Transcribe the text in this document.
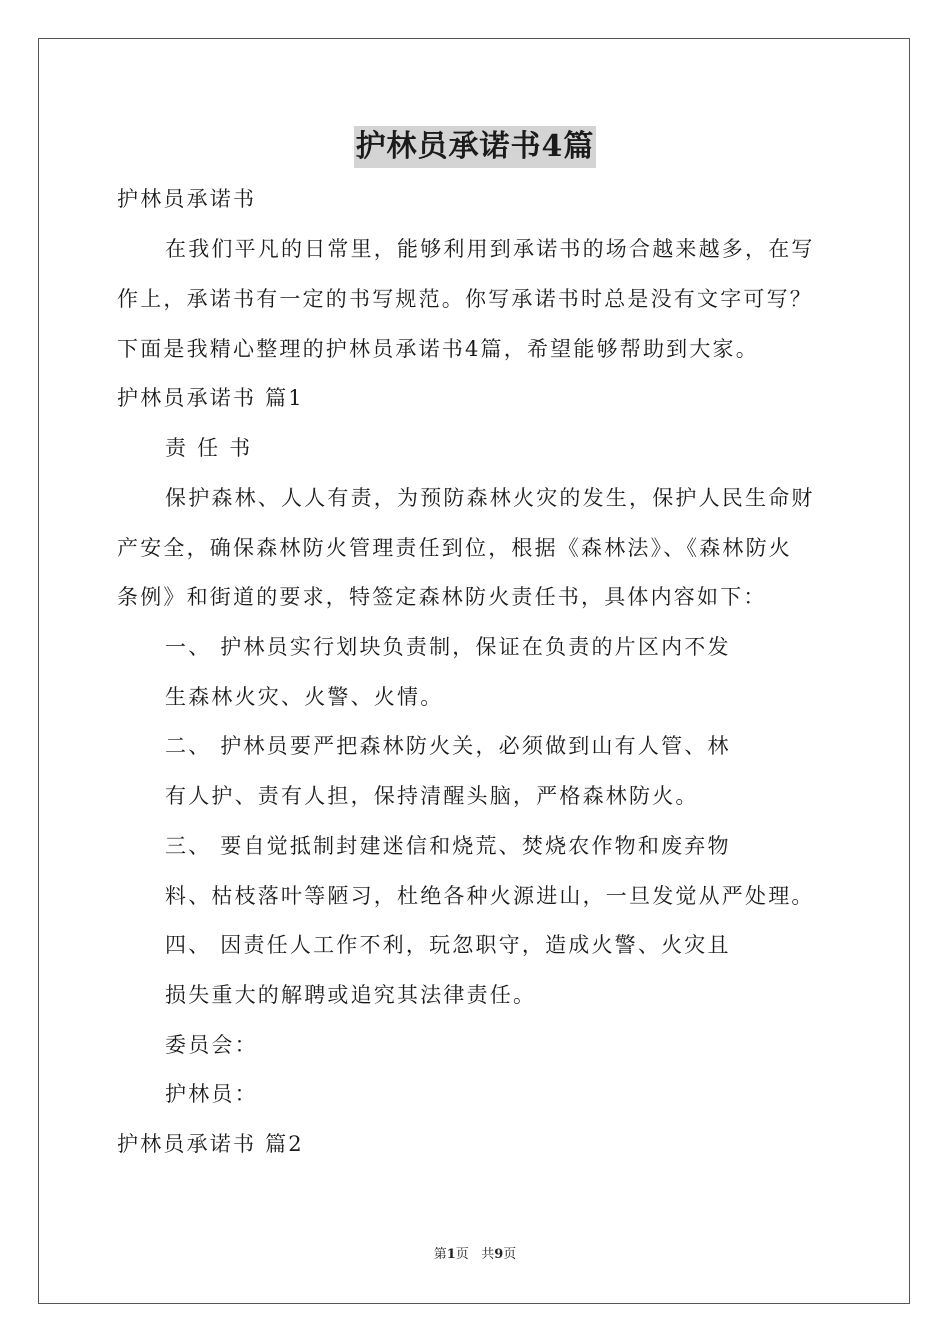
护林员承诺书4篇
护林员承诺书
在我们平凡的日常里，能够利用到承诺书的场合越来越多，在写
作上，承诺书有一定的书写规范。你写承诺书时总是没有文字可写？
下面是我精心整理的护林员承诺书4篇，希望能够帮助到大家。
护林员承诺书 篇1
责 任 书
保护森林、人人有责，为预防森林火灾的发生，保护人民生命财
产安全，确保森林防火管理责任到位，根据《森林法》、《森林防火
条例》和街道的要求，特签定森林防火责任书，具体内容如下：
一、 护林员实行划块负责制，保证在负责的片区内不发
生森林火灾、火警、火情。
二、 护林员要严把森林防火关，必须做到山有人管、林
有人护、责有人担，保持清醒头脑，严格森林防火。
三、 要自觉抵制封建迷信和烧荒、焚烧农作物和废弃物
料、枯枝落叶等陋习，杜绝各种火源进山，一旦发觉从严处理。
四、 因责任人工作不利，玩忽职守，造成火警、火灾且
损失重大的解聘或追究其法律责任。
委员会：
护林员：
护林员承诺书 篇2
第1页 共9页
